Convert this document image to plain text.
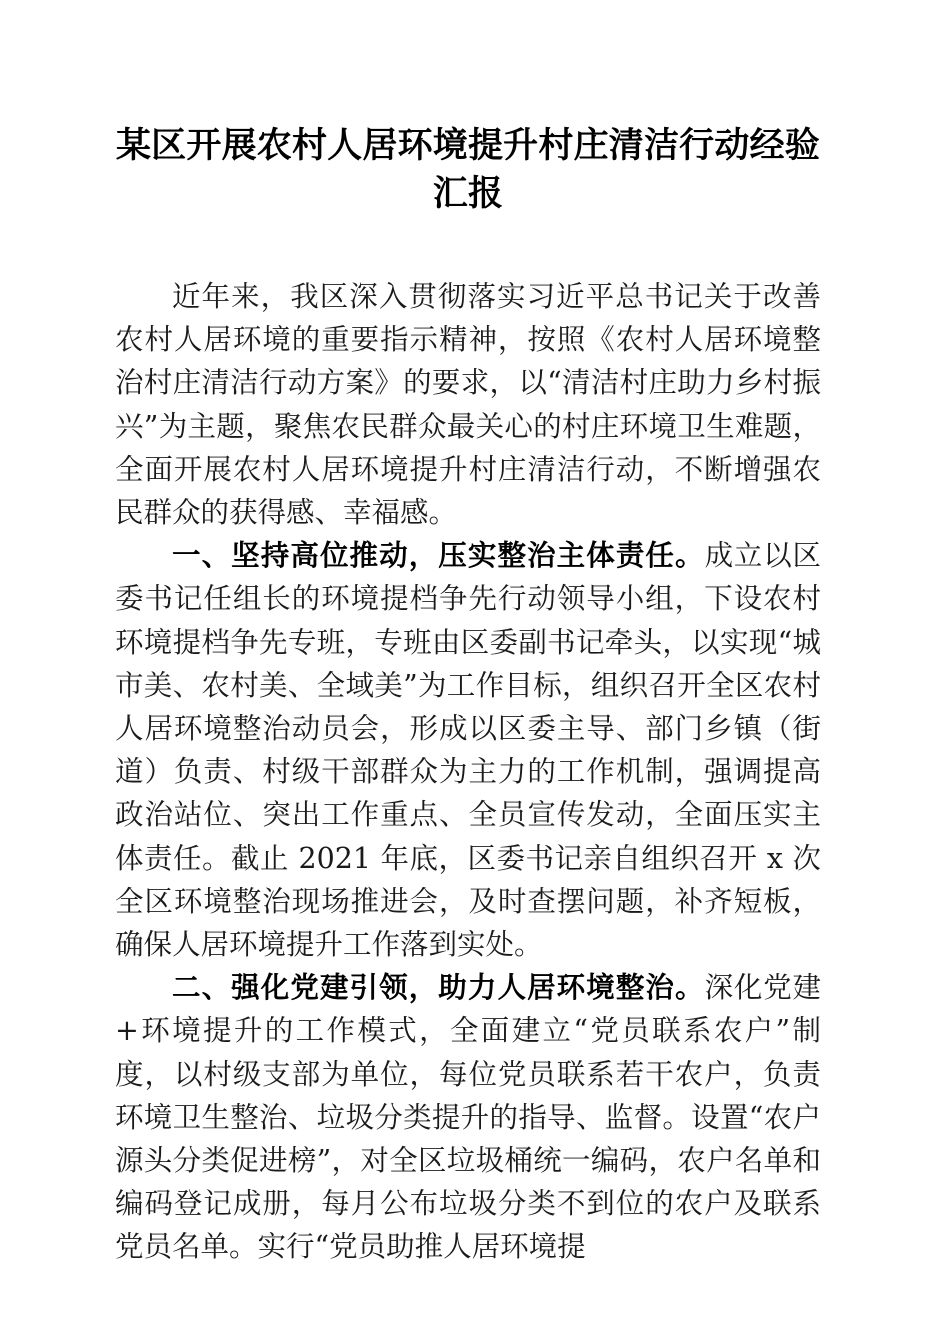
某区开展农村人居环境提升村庄清洁行动经验汇报

近年来，我区深入贯彻落实习近平总书记关于改善农村人居环境的重要指示精神，按照《农村人居环境整治村庄清洁行动方案》的要求，以“清洁村庄助力乡村振兴”为主题，聚焦农民群众最关心的村庄环境卫生难题，全面开展农村人居环境提升村庄清洁行动，不断增强农民群众的获得感、幸福感。

一、坚持高位推动，压实整治主体责任。成立以区委书记任组长的环境提档争先行动领导小组，下设农村环境提档争先专班，专班由区委副书记牵头，以实现“城市美、农村美、全域美”为工作目标，组织召开全区农村人居环境整治动员会，形成以区委主导、部门乡镇（街道）负责、村级干部群众为主力的工作机制，强调提高政治站位、突出工作重点、全员宣传发动，全面压实主体责任。截止 2021 年底，区委书记亲自组织召开 x 次全区环境整治现场推进会，及时查摆问题，补齐短板，确保人居环境提升工作落到实处。

二、强化党建引领，助力人居环境整治。深化党建+环境提升的工作模式，全面建立“党员联系农户”制度，以村级支部为单位，每位党员联系若干农户，负责环境卫生整治、垃圾分类提升的指导、监督。设置“农户源头分类促进榜”，对全区垃圾桶统一编码，农户名单和编码登记成册，每月公布垃圾分类不到位的农户及联系党员名单。实行“党员助推人居环境提
